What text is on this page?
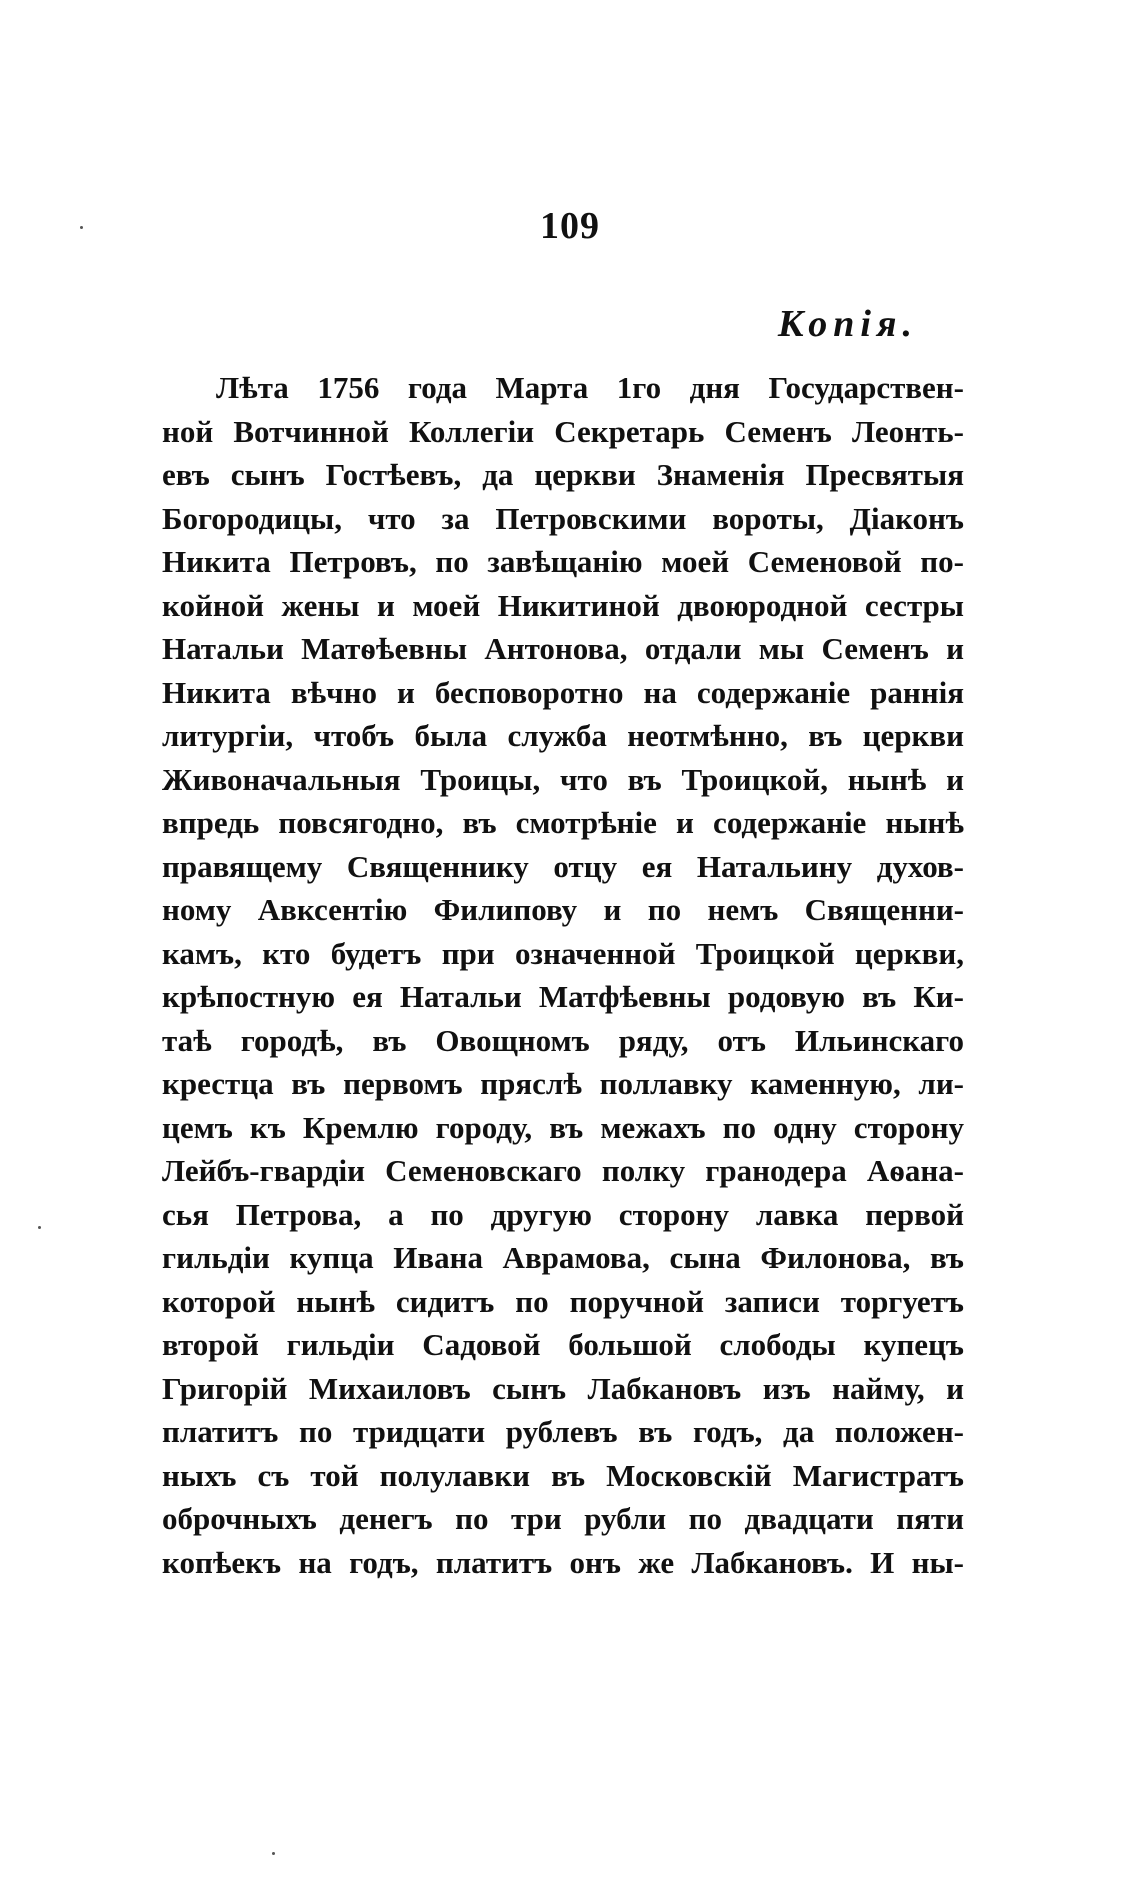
109
Копія.
Лѣта 1756 года Марта 1го дня Государствен-
ной Вотчинной Коллегіи Секретарь Семенъ Леонть-
евъ сынъ Гостѣевъ, да церкви Знаменія Пресвятыя
Богородицы, что за Петровскими вороты, Діаконъ
Никита Петровъ, по завѣщанію моей Семеновой по-
койной жены и моей Никитиной двоюродной сестры
Натальи Матѳѣевны Антонова, отдали мы Семенъ и
Никита вѣчно и бесповоротно на содержаніе раннія
литургіи, чтобъ была служба неотмѣнно, въ церкви
Живоначальныя Троицы, что въ Троицкой, нынѣ и
впредь повсягодно, въ смотрѣніе и содержаніе нынѣ
правящему Священнику отцу ея Натальину духов-
ному Авксентію Филипову и по немъ Священни-
камъ, кто будетъ при означенной Троицкой церкви,
крѣпостную ея Натальи Матфѣевны родовую въ Ки-
таѣ городѣ, въ Овощномъ ряду, отъ Ильинскаго
крестца въ первомъ пряслѣ поллавку каменную, ли-
цемъ къ Кремлю городу, въ межахъ по одну сторону
Лейбъ-гвардіи Семеновскаго полку гранодера Аѳана-
сья Петрова, а по другую сторону лавка первой
гильдіи купца Ивана Аврамова, сына Филонова, въ
которой нынѣ сидитъ по поручной записи торгуетъ
второй гильдіи Садовой большой слободы купецъ
Григорій Михаиловъ сынъ Лабкановъ изъ найму, и
платитъ по тридцати рублевъ въ годъ, да положен-
ныхъ съ той полулавки въ Московскій Магистратъ
оброчныхъ денегъ по три рубли по двадцати пяти
копѣекъ на годъ, платитъ онъ же Лабкановъ. И ны-
